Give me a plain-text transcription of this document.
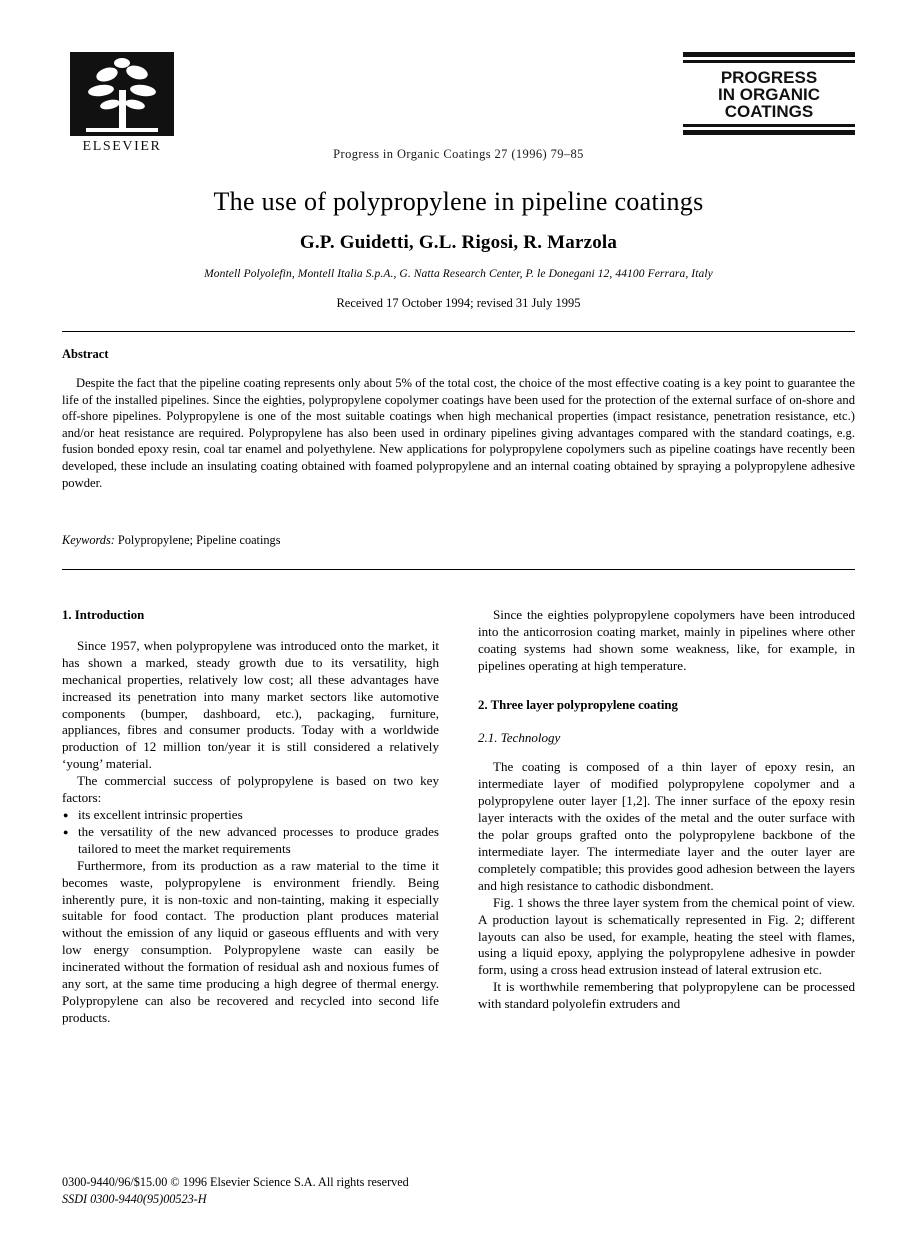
ELSEVIER	Progress in Organic Coatings 27 (1996) 79–85
PROGRESS
IN ORGANIC
COATINGS
The use of polypropylene in pipeline coatings
G.P. Guidetti, G.L. Rigosi, R. Marzola
Montell Polyolefin, Montell Italia S.p.A., G. Natta Research Center, P. le Donegani 12, 44100 Ferrara, Italy
Received 17 October 1994; revised 31 July 1995
Abstract
Despite the fact that the pipeline coating represents only about 5% of the total cost, the choice of the most effective coating is a key point to guarantee the life of the installed pipelines. Since the eighties, polypropylene copolymer coatings have been used for the protection of the external surface of on-shore and off-shore pipelines. Polypropylene is one of the most suitable coatings when high mechanical properties (impact resistance, penetration resistance, etc.) and/or heat resistance are required. Polypropylene has also been used in ordinary pipelines giving advantages compared with the standard coatings, e.g. fusion bonded epoxy resin, coal tar enamel and polyethylene. New applications for polypropylene copolymers such as pipeline coatings have recently been developed, these include an insulating coating obtained with foamed polypropylene and an internal coating obtained by spraying a polypropylene adhesive powder.
Keywords: Polypropylene; Pipeline coatings
1. Introduction

Since 1957, when polypropylene was introduced onto the market, it has shown a marked, steady growth due to its versatility, high mechanical properties, relatively low cost; all these advantages have increased its penetration into many market sectors like automotive components (bumper, dashboard, etc.), packaging, furniture, appliances, fibres and consumer products. Today with a worldwide production of 12 million ton/year it is still considered a relatively ‘young’ material.

The commercial success of polypropylene is based on two key factors:

● its excellent intrinsic properties
● the versatility of the new advanced processes to produce grades tailored to meet the market requirements

Furthermore, from its production as a raw material to the time it becomes waste, polypropylene is environment friendly. Being inherently pure, it is non-toxic and non-tainting, making it especially suitable for food contact. The production plant produces material without the emission of any liquid or gaseous effluents and with very low energy consumption. Polypropylene waste can easily be incinerated without the formation of residual ash and noxious fumes of any sort, at the same time producing a high degree of thermal energy. Polypropylene can also be recovered and recycled into second life products.

Since the eighties polypropylene copolymers have been introduced into the anticorrosion coating market, mainly in pipelines where other coating systems had shown some weakness, like, for example, in pipelines operating at high temperature.

2. Three layer polypropylene coating
2.1. Technology

The coating is composed of a thin layer of epoxy resin, an intermediate layer of modified polypropylene copolymer and a polypropylene outer layer [1,2]. The inner surface of the epoxy resin layer interacts with the oxides of the metal and the outer surface with the polar groups grafted onto the polypropylene backbone of the intermediate layer. The intermediate layer and the outer layer are completely compatible; this provides good adhesion between the layers and high resistance to cathodic disbondment.

Fig. 1 shows the three layer system from the chemical point of view. A production layout is schematically represented in Fig. 2; different layouts can also be used, for example, heating the steel with flames, using a liquid epoxy, applying the polypropylene adhesive in powder form, using a cross head extrusion instead of lateral extrusion etc.

It is worthwhile remembering that polypropylene can be processed with standard polyolefin extruders and

0300-9440/96/$15.00 © 1996 Elsevier Science S.A. All rights reserved
SSDI 0300-9440(95)00523-H
